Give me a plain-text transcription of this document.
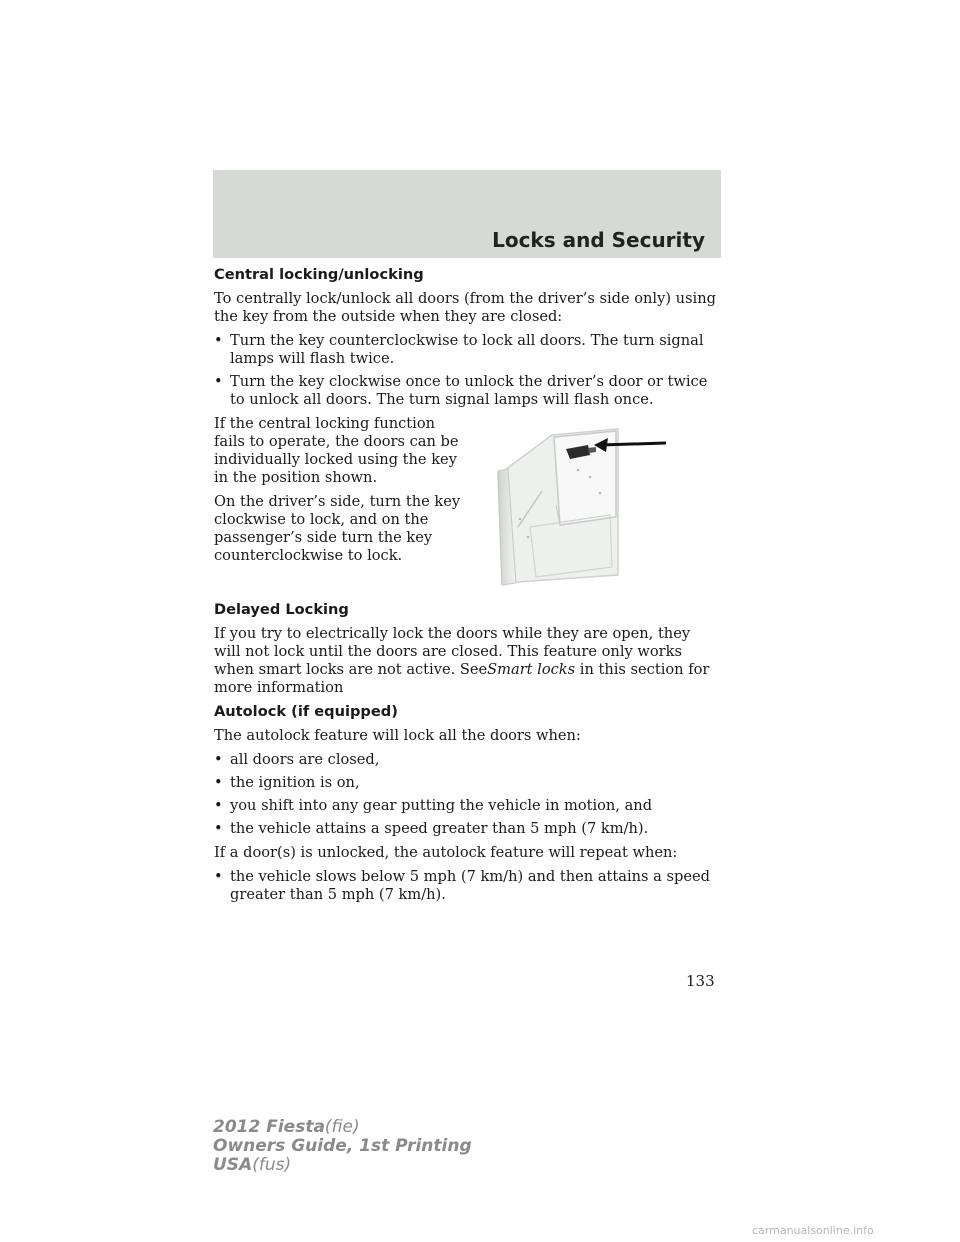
Locks and Security
Central locking/unlocking

To centrally lock/unlock all doors (from the driver’s side only) using the key from the outside when they are closed:

• Turn the key counterclockwise to lock all doors. The turn signal lamps will flash twice.
• Turn the key clockwise once to unlock the driver’s door or twice to unlock all doors. The turn signal lamps will flash once.

If the central locking function fails to operate, the doors can be individually locked using the key in the position shown.

On the driver’s side, turn the key clockwise to lock, and on the passenger’s side turn the key counterclockwise to lock.

Delayed Locking

If you try to electrically lock the doors while they are open, they will not lock until the doors are closed. This feature only works when smart locks are not active. SeeSmart locks in this section for more information

Autolock (if equipped)

The autolock feature will lock all the doors when:

• all doors are closed,
• the ignition is on,
• you shift into any gear putting the vehicle in motion, and
• the vehicle attains a speed greater than 5 mph (7 km/h).

If a door(s) is unlocked, the autolock feature will repeat when:

• the vehicle slows below 5 mph (7 km/h) and then attains a speed greater than 5 mph (7 km/h).
133
2012 Fiesta(fie)
Owners Guide, 1st Printing
USA(fus)
carmanualsonline.info
